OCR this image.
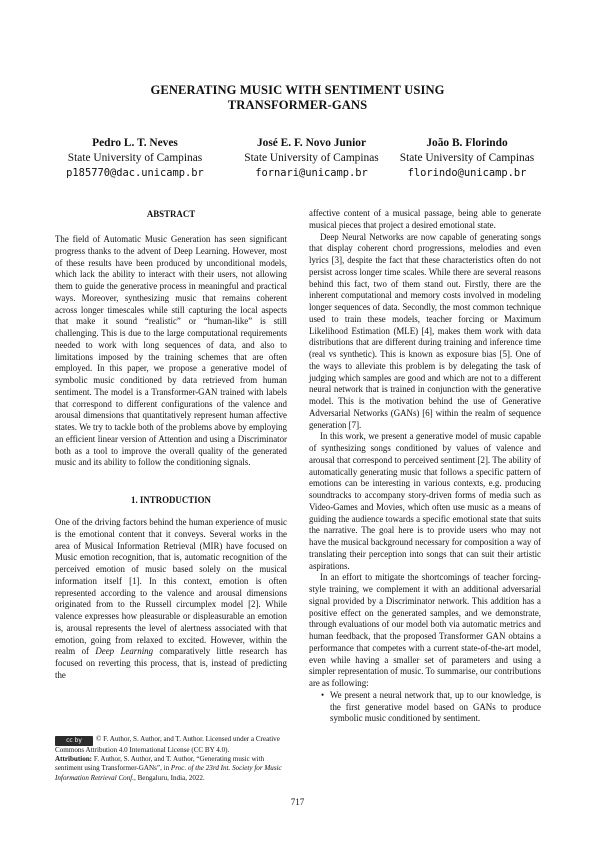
GENERATING MUSIC WITH SENTIMENT USING
TRANSFORMER-GANS
Pedro L. T. Neves
State University of Campinas
p185770@dac.unicamp.br
José E. F. Novo Junior
State University of Campinas
fornari@unicamp.br
João B. Florindo
State University of Campinas
florindo@unicamp.br
ABSTRACT

The field of Automatic Music Generation has seen significant progress thanks to the advent of Deep Learning. However, most of these results have been produced by unconditional models, which lack the ability to interact with their users, not allowing them to guide the generative process in meaningful and practical ways. Moreover, synthesizing music that remains coherent across longer timescales while still capturing the local aspects that make it sound “realistic” or “human-like” is still challenging. This is due to the large computational requirements needed to work with long sequences of data, and also to limitations imposed by the training schemes that are often employed. In this paper, we propose a generative model of symbolic music conditioned by data retrieved from human sentiment. The model is a Transformer-GAN trained with labels that correspond to different configurations of the valence and arousal dimensions that quantitatively represent human affective states. We try to tackle both of the problems above by employing an efficient linear version of Attention and using a Discriminator both as a tool to improve the overall quality of the generated music and its ability to follow the conditioning signals.

1. INTRODUCTION

One of the driving factors behind the human experience of music is the emotional content that it conveys. Several works in the area of Musical Information Retrieval (MIR) have focused on Music emotion recognition, that is, automatic recognition of the perceived emotion of music based solely on the musical information itself [1]. In this context, emotion is often represented according to the valence and arousal dimensions originated from to the Russell circumplex model [2]. While valence expresses how pleasurable or displeasurable an emotion is, arousal represents the level of alertness associated with that emotion, going from relaxed to excited. However, within the realm of Deep Learning comparatively little research has focused on reverting this process, that is, instead of predicting the

cc by © F. Author, S. Author, and T. Author. Licensed under a Creative Commons Attribution 4.0 International License (CC BY 4.0).
Attribution: F. Author, S. Author, and T. Author, “Generating music with sentiment using Transformer-GANs”, in Proc. of the 23rd Int. Society for Music Information Retrieval Conf., Bengaluru, India, 2022.

affective content of a musical passage, being able to generate musical pieces that project a desired emotional state.

Deep Neural Networks are now capable of generating songs that display coherent chord progressions, melodies and even lyrics [3], despite the fact that these characteristics often do not persist across longer time scales. While there are several reasons behind this fact, two of them stand out. Firstly, there are the inherent computational and memory costs involved in modeling longer sequences of data. Secondly, the most common technique used to train these models, teacher forcing or Maximum Likelihood Estimation (MLE) [4], makes them work with data distributions that are different during training and inference time (real vs synthetic). This is known as exposure bias [5]. One of the ways to alleviate this problem is by delegating the task of judging which samples are good and which are not to a different neural network that is trained in conjunction with the generative model. This is the motivation behind the use of Generative Adversarial Networks (GANs) [6] within the realm of sequence generation [7].

In this work, we present a generative model of music capable of synthesizing songs conditioned by values of valence and arousal that correspond to perceived sentiment [2]. The ability of automatically generating music that follows a specific pattern of emotions can be interesting in various contexts, e.g. producing soundtracks to accompany story-driven forms of media such as Video-Games and Movies, which often use music as a means of guiding the audience towards a specific emotional state that suits the narrative. The goal here is to provide users who may not have the musical background necessary for composition a way of translating their perception into songs that can suit their artistic aspirations.

In an effort to mitigate the shortcomings of teacher forcing-style training, we complement it with an additional adversarial signal provided by a Discriminator network. This addition has a positive effect on the generated samples, and we demonstrate, through evaluations of our model both via automatic metrics and human feedback, that the proposed Transformer GAN obtains a performance that competes with a current state-of-the-art model, even while having a smaller set of parameters and using a simpler representation of music. To summarise, our contributions are as following:

• We present a neural network that, up to our knowledge, is the first generative model based on GANs to produce symbolic music conditioned by sentiment.
717
